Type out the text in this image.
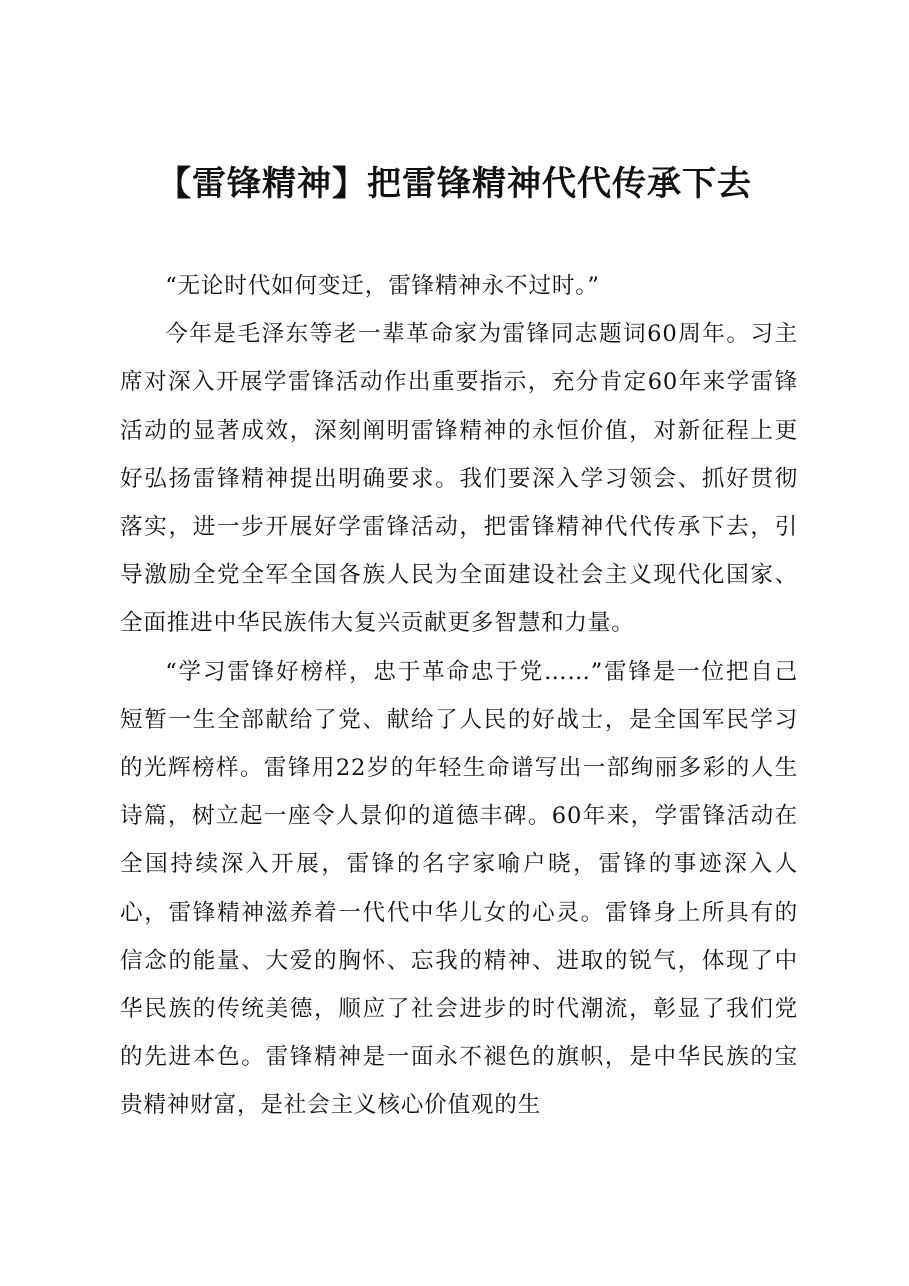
【雷锋精神】把雷锋精神代代传承下去

“无论时代如何变迁，雷锋精神永不过时。”

今年是毛泽东等老一辈革命家为雷锋同志题词60周年。习主席对深入开展学雷锋活动作出重要指示，充分肯定60年来学雷锋活动的显著成效，深刻阐明雷锋精神的永恒价值，对新征程上更好弘扬雷锋精神提出明确要求。我们要深入学习领会、抓好贯彻落实，进一步开展好学雷锋活动，把雷锋精神代代传承下去，引导激励全党全军全国各族人民为全面建设社会主义现代化国家、全面推进中华民族伟大复兴贡献更多智慧和力量。

“学习雷锋好榜样，忠于革命忠于党……”雷锋是一位把自己短暂一生全部献给了党、献给了人民的好战士，是全国军民学习的光辉榜样。雷锋用22岁的年轻生命谱写出一部绚丽多彩的人生诗篇，树立起一座令人景仰的道德丰碑。60年来，学雷锋活动在全国持续深入开展，雷锋的名字家喻户晓，雷锋的事迹深入人心，雷锋精神滋养着一代代中华儿女的心灵。雷锋身上所具有的信念的能量、大爱的胸怀、忘我的精神、进取的锐气，体现了中华民族的传统美德，顺应了社会进步的时代潮流，彰显了我们党的先进本色。雷锋精神是一面永不褪色的旗帜，是中华民族的宝贵精神财富，是社会主义核心价值观的生
